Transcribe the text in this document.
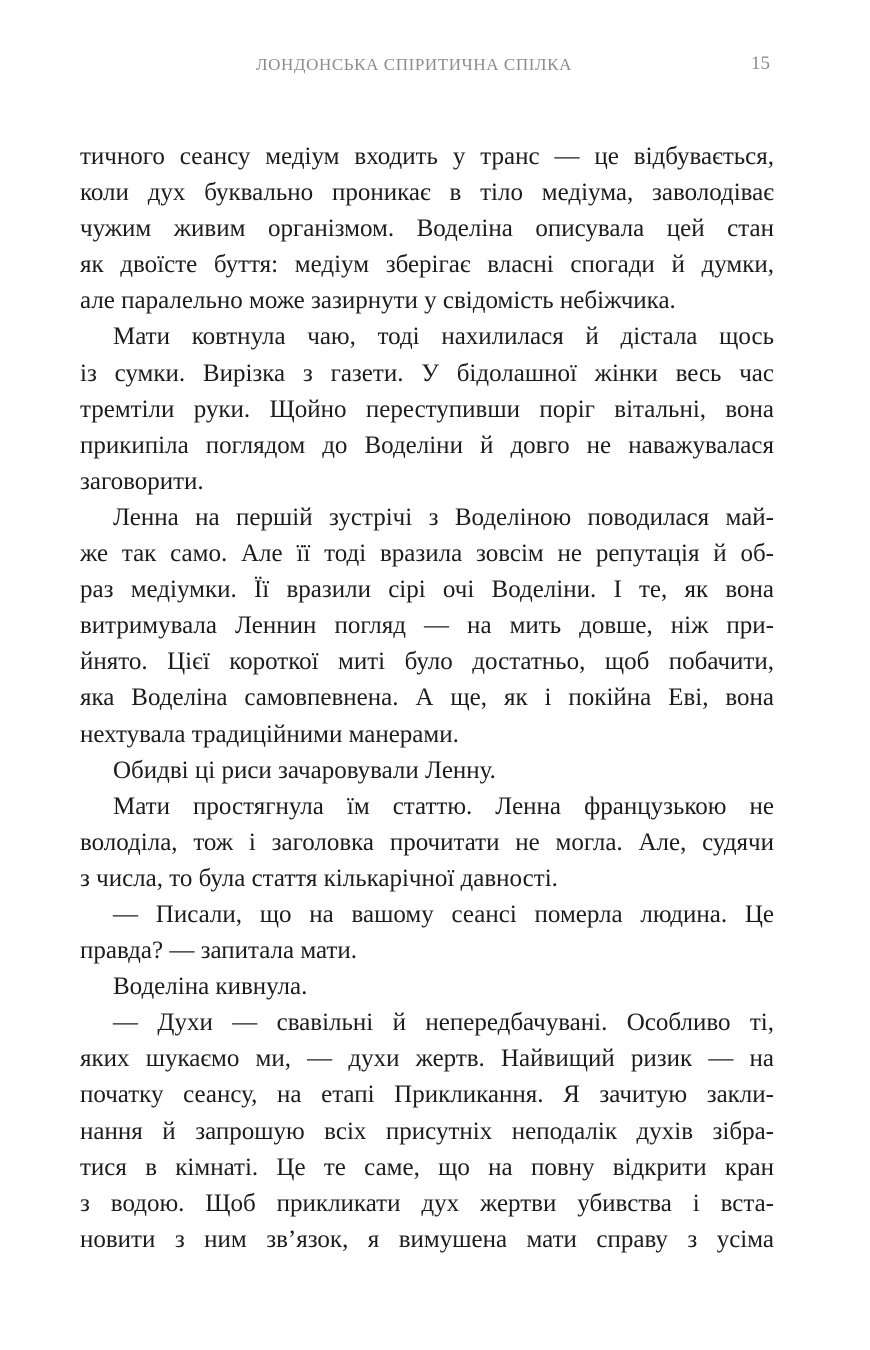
ЛОНДОНСЬКА СПІРИТИЧНА СПІЛКА	15
тичного сеансу медіум входить у транс — це відбувається,
коли дух буквально проникає в тіло медіума, заволодіває
чужим живим організмом. Воделіна описувала цей стан
як двоїсте буття: медіум зберігає власні спогади й думки,
але паралельно може зазирнути у свідомість небіжчика.
Мати ковтнула чаю, тоді нахилилася й дістала щось
із сумки. Вирізка з газети. У бідолашної жінки весь час
тремтіли руки. Щойно переступивши поріг вітальні, вона
прикипіла поглядом до Воделіни й довго не наважувалася
заговорити.
Ленна на першій зустрічі з Воделіною поводилася май-
же так само. Але її тоді вразила зовсім не репутація й об-
раз медіумки. Її вразили сірі очі Воделіни. І те, як вона
витримувала Леннин погляд — на мить довше, ніж при-
йнято. Цієї короткої миті було достатньо, щоб побачити,
яка Воделіна самовпевнена. А ще, як і покійна Еві, вона
нехтувала традиційними манерами.
Обидві ці риси зачаровували Ленну.
Мати простягнула їм статтю. Ленна французькою не
володіла, тож і заголовка прочитати не могла. Але, судячи
з числа, то була стаття кількарічної давності.
— Писали, що на вашому сеансі померла людина. Це
правда? — запитала мати.
Воделіна кивнула.
— Духи — свавільні й непередбачувані. Особливо ті,
яких шукаємо ми, — духи жертв. Найвищий ризик — на
початку сеансу, на етапі Прикликання. Я зачитую закли-
нання й запрошую всіх присутніх неподалік духів зібра-
тися в кімнаті. Це те саме, що на повну відкрити кран
з водою. Щоб прикликати дух жертви убивства і вста-
новити з ним зв’язок, я вимушена мати справу з усіма
